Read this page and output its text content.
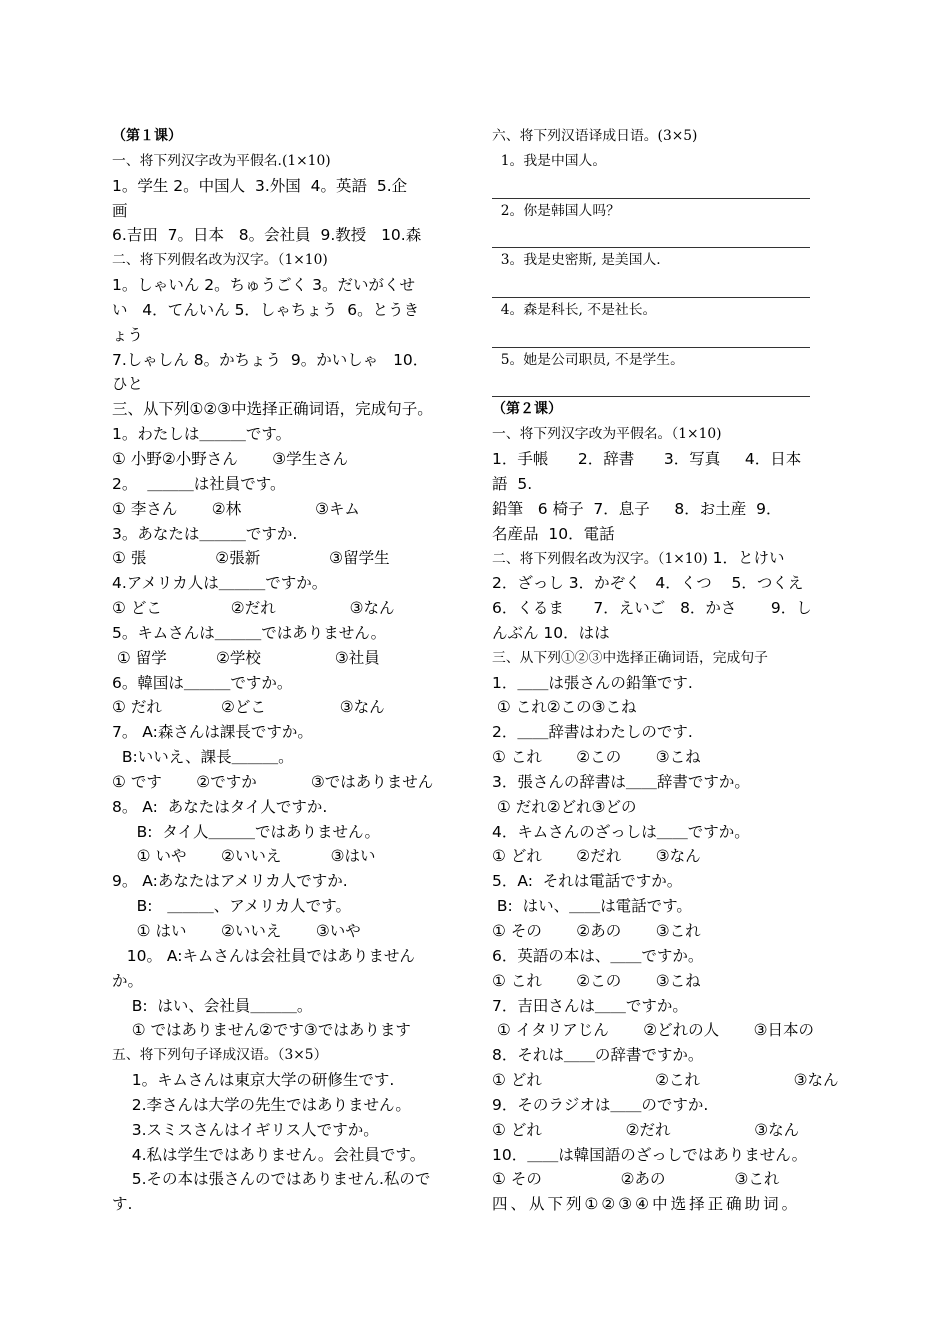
（第１课）
一、将下列汉字改为平假名.(1×10)
1。学生 2。中国人  3.外国  4。英語  5.企
画
6.吉田  7。日本   8。会社員  9.教授   10.森
二、将下列假名改为汉字。（1×10)
1。しゃいん 2。ちゅうごく 3。だいがくせ
い   4．てんいん 5．しゃちょう  6。とうき
ょう
7.しゃしん 8。かちょう  9。かいしゃ   10．
ひと
三、从下列①②③中选择正确词语，完成句子。
1。わたしは＿＿＿です。
① 小野②小野さん       ③学生さん
2。  ＿＿＿は社員です。
① 李さん       ②林               ③キム
3。あなたは＿＿＿ですか.
① 張              ②張新              ③留学生
4.アメリカ人は＿＿＿ですか。
① どこ              ②だれ               ③なん
5。キムさんは＿＿＿ではありません。
① 留学          ②学校               ③社員
6。韓国は＿＿＿ですか。
① だれ            ②どこ               ③なん
7。 A:森さんは課長ですか。
B:いいえ、課長＿＿＿。
① です       ②ですか           ③ではありません
8。 A:  あなたはタイ人ですか.
B:  タイ人＿＿＿ではありません。
① いや       ②いいえ          ③はい
9。 A:あなたはアメリカ人ですか.
B:   ＿＿＿、アメリカ人です。
① はい       ②いいえ       ③いや
10。 A:キムさんは会社員ではありません
か。
B:  はい、会社員＿＿＿。
① ではありません②です③ではあります
五、将下列句子译成汉语。（3×5）
1。キムさんは東京大学の研修生です.
2.李さんは大学の先生ではありません。
3.スミスさんはイギリス人ですか。
4.私は学生ではありません。会社員です。
5.その本は張さんのではありません.私ので
す.
六、将下列汉语译成日语。(3×5)
1。我是中国人。
2。你是韩国人吗？
3。我是史密斯, 是美国人.
4。森是科长, 不是社长。
5。她是公司职员, 不是学生。
（第２课）
一、将下列汉字改为平假名。（1×10)
1．手帳      2．辞書      3．写真     4．日本
語  5.
鉛筆   6 椅子  7．息子     8．お土産  9．
名産品  10．電話
二、将下列假名改为汉字。（1×10) 1．とけい
2．ざっし 3．かぞく   4．くつ    5．つくえ
6．くるま      7．えいご   8．かさ       9．し
んぶん 10．はは
三、从下列①②③中选择正确词语，完成句子
1．＿＿は張さんの鉛筆です.
① これ②この③こね
2．＿＿辞書はわたしのです.
① これ       ②この       ③こね
3．張さんの辞書は＿＿辞書ですか。
① だれ②どれ③どの
4．キムさんのざっしは＿＿ですか。
① どれ       ②だれ       ③なん
5．A:  それは電話ですか。
B:  はい、＿＿は電話です。
① その       ②あの       ③これ
6．英語の本は、＿＿ですか。
① これ       ②この       ③こね
7．吉田さんは＿＿ですか。
① イタリアじん       ②どれの人       ③日本の
8．それは＿＿の辞書ですか。
① どれ                       ②これ                   ③なん
9．そのラジオは＿＿のですか.
① どれ                 ②だれ                 ③なん
10．＿＿は韓国語のざっしではありません。
① その                ②あの              ③これ
四、从下列①②③④中选择正确助词。
